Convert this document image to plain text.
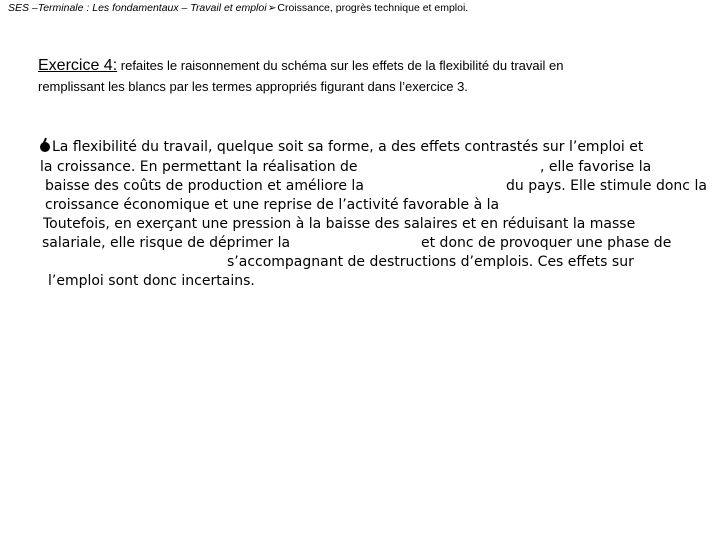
SES –Terminale : Les fondamentaux – Travail et emploi➢Croissance, progrès technique et emploi.
Exercice 4: refaites le raisonnement du schéma sur les effets de la flexibilité du travail en
remplissant les blancs par les termes appropriés figurant dans l’exercice 3.
La flexibilité du travail, quelque soit sa forme, a des effets contrastés sur l’emploi et
la croissance. En permettant la réalisation de	, elle favorise la
baisse des coûts de production et améliore la	du pays. Elle stimule donc la
croissance économique et une reprise de l’activité favorable à la
Toutefois, en exerçant une pression à la baisse des salaires et en réduisant la masse
salariale, elle risque de déprimer la	et donc de provoquer une phase de
s’accompagnant de destructions d’emplois. Ces effets sur
l’emploi sont donc incertains.
